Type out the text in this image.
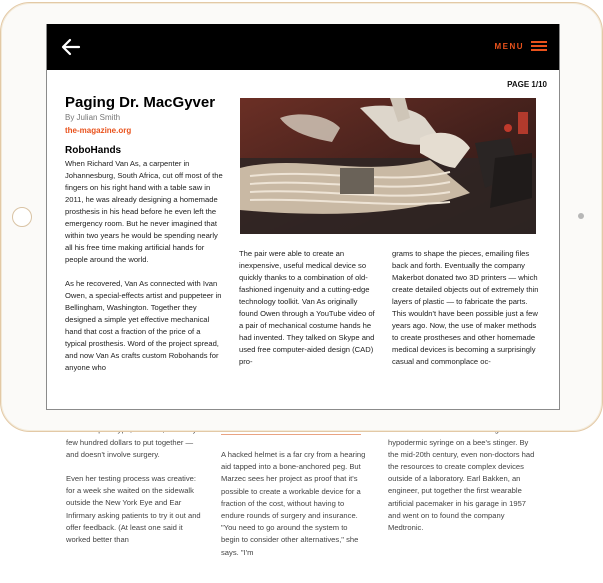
few hundred dollars to put together — and doesn't involve surgery.
Even her testing process was creative: for a week she waited on the sidewalk outside the New York Eye and Ear Infirmary asking patients to try it out and offer feedback. (At least one said it worked better than
A hacked helmet is a far cry from a hearing aid tapped into a bone-anchored peg. But Marzec sees her project as proof that it's possible to create a workable device for a fraction of the cost, without having to endure rounds of surgery and insurance. "You need to go around the system to begin to consider other alternatives," she says. "I'm
hypodermic syringe on a bee's stinger. By the mid-20th century, even non-doctors had the resources to create complex devices outside of a laboratory. Earl Bakken, an engineer, put together the first wearable artificial pacemaker in his garage in 1957 and went on to found the company Medtronic.
MENU
PAGE 1/10
Paging Dr. MacGyver
By Julian Smith
the-magazine.org
RoboHands
When Richard Van As, a carpenter in Johannesburg, South Africa, cut off most of the fingers on his right hand with a table saw in 2011, he was already designing a homemade prosthesis in his head before he even left the emergency room. But he never imagined that within two years he would be spending nearly all his free time making artificial hands for people around the world.
As he recovered, Van As connected with Ivan Owen, a special-effects artist and puppeteer in Bellingham, Washington. Together they designed a simple yet effective mechanical hand that cost a fraction of the price of a typical prosthesis. Word of the project spread, and now Van As crafts custom Robohands for anyone who
The pair were able to create an inexpensive, useful medical device so quickly thanks to a combination of old-fashioned ingenuity and a cutting-edge technology toolkit. Van As originally found Owen through a YouTube video of a pair of mechanical costume hands he had invented. They talked on Skype and used free computer-aided design (CAD) pro-
grams to shape the pieces, emailing files back and forth. Eventually the company Makerbot donated two 3D printers — which create detailed objects out of extremely thin layers of plastic — to fabricate the parts. This wouldn't have been possible just a few years ago. Now, the use of maker methods to create prostheses and other homemade medical devices is becoming a surprisingly casual and commonplace oc-
